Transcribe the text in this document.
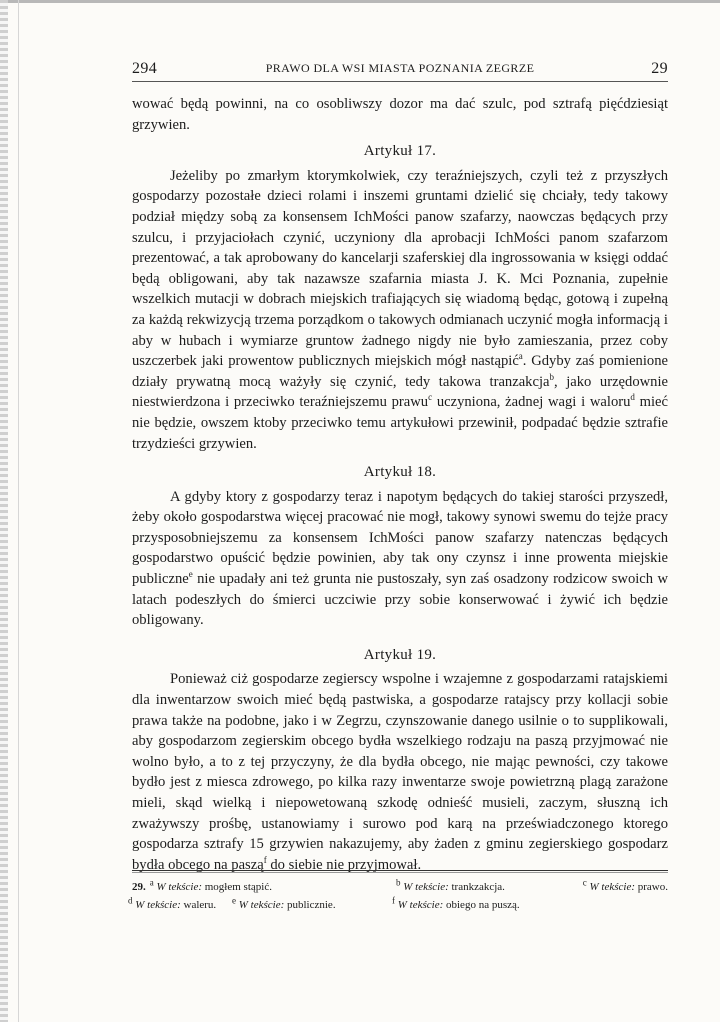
294	PRAWO DLA WSI MIASTA POZNANIA ZEGRZE	29

wować będą powinni, na co osobliwszy dozor ma dać szulc, pod sztrafą pięćdziesiąt grzywien.

Artykuł 17.

Jeżeliby po zmarłym ktorymkolwiek, czy teraźniejszych, czyli też z przyszłych gospodarzy pozostałe dzieci rolami i inszemi gruntami dzielić się chciały, tedy takowy podział między sobą za konsensem IchMości panow szafarzy, naowczas będących przy szulcu, i przyjaciołach czynić, uczyniony dla aprobacji IchMości panom szafarzom prezentować, a tak aprobowany do kancelarji szaferskiej dla ingrossowania w księgi oddać będą obligowani, aby tak nazawsze szafarnia miasta J. K. Mci Poznania, zupełnie wszelkich mutacji w dobrach miejskich trafiających się wiadomą będąc, gotową i zupełną za każdą rekwizycją trzema porządkom o takowych odmianach uczynić mogła informacją i aby w hubach i wymiarze gruntow żadnego nigdy nie było zamieszania, przez coby uszczerbek jaki prowentow publicznych miejskich mógł nastąpić$^a$. Gdyby zaś pomienione działy prywatną mocą ważyły się czynić, tedy takowa tranzakcja$^b$, jako urzędownie niestwierdzona i przeciwko teraźniejszemu prawu$^c$ uczyniona, żadnej wagi i waloru$^d$ mieć nie będzie, owszem ktoby przeciwko temu artykułowi przewinił, podpadać będzie sztrafie trzydzieści grzywien.

Artykuł 18.

A gdyby ktory z gospodarzy teraz i napotym będących do takiej starości przyszedł, żeby około gospodarstwa więcej pracować nie mogł, takowy synowi swemu do tejże pracy przysposobniejszemu za konsensem IchMości panow szafarzy natenczas będących gospodarstwo opuścić będzie powinien, aby tak ony czynsz i inne prowenta miejskie publiczne$^e$ nie upadały ani też grunta nie pustoszały, syn zaś osadzony rodzicow swoich w latach podeszłych do śmierci uczciwie przy sobie konserwować i żywić ich będzie obligowany.

Artykuł 19.

Ponieważ ciż gospodarze zegierscy wspolne i wzajemne z gospodarzami ratajskiemi dla inwentarzow swoich mieć będą pastwiska, a gospodarze ratajscy przy kollacji sobie prawa także na podobne, jako i w Zegrzu, czynszowanie danego usilnie o to supplikowali, aby gospodarzom zegierskim obcego bydła wszelkiego rodzaju na paszą przyjmować nie wolno było, a to z tej przyczyny, że dla bydła obcego, nie mając pewności, czy takowe bydło jest z miesca zdrowego, po kilka razy inwentarze swoje powietrzną plagą zarażone mieli, skąd wielką i niepowetowaną szkodę odnieść musieli, zaczym, słuszną ich zważywszy prośbę, ustanowiamy i surowo pod karą na przeświadczonego ktorego gospodarza sztrafy 15 grzywien nakazujemy, aby żaden z gminu zegierskiego gospodarz bydła obcego na paszą$^f$ do siebie nie przyjmował.

29. $^a$ W tekście: mogłem stąpić.	$^b$ W tekście: trankzakcja.	$^c$ W tekście: prawo.
$^d$ W tekście: waleru. $^e$ W tekście: publicznie.	$^f$ W tekście: obiego na puszą.
